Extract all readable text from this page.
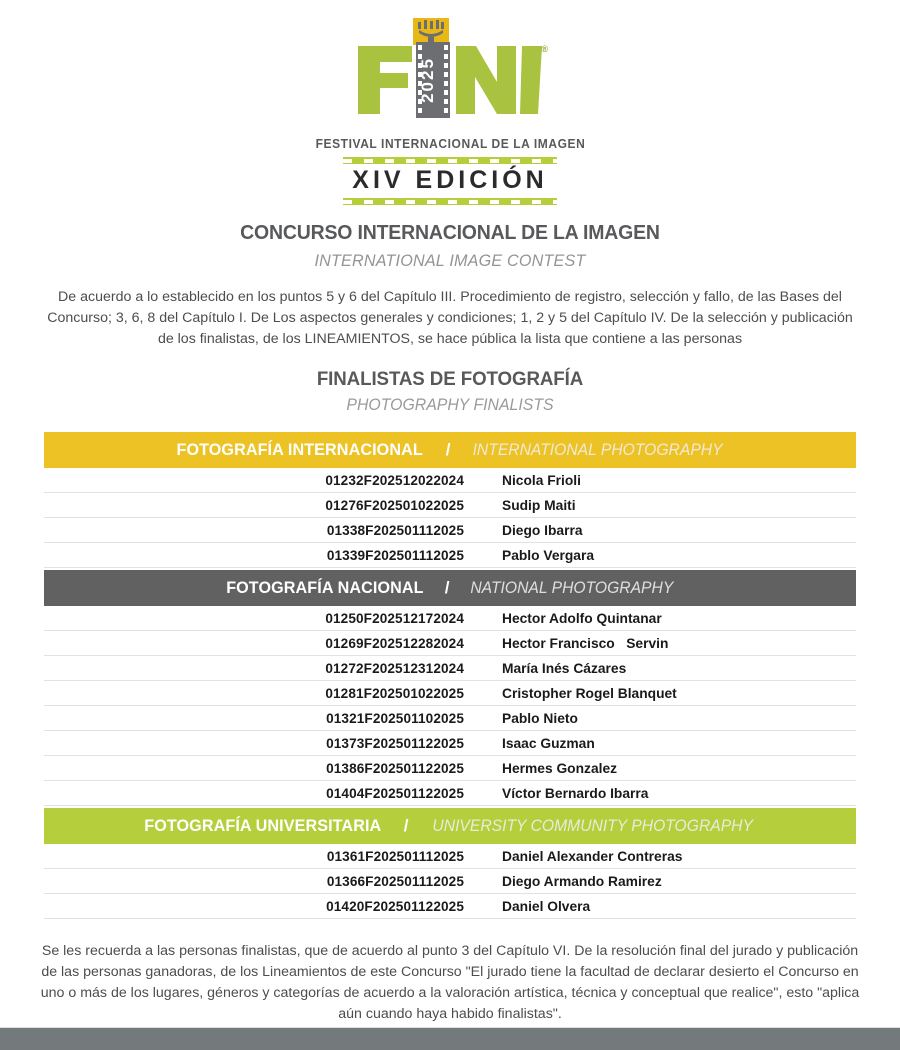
2025
®
FESTIVAL INTERNACIONAL DE LA IMAGEN
XIV EDICIÓN
CONCURSO INTERNACIONAL DE LA IMAGEN
INTERNATIONAL IMAGE CONTEST
De acuerdo a lo establecido en los puntos 5 y 6 del Capítulo III. Procedimiento de registro, selección y fallo, de las Bases del Concurso; 3, 6, 8 del Capítulo I. De Los aspectos generales y condiciones; 1, 2 y 5 del Capítulo IV. De la selección y publicación de los finalistas, de los LINEAMIENTOS, se hace pública la lista que contiene a las personas
FINALISTAS DE FOTOGRAFÍA
PHOTOGRAPHY FINALISTS
FOTOGRAFÍA INTERNACIONAL / INTERNATIONAL PHOTOGRAPHY
01232F202512022024	Nicola Frioli
01276F202501022025	Sudip Maiti
01338F202501112025	Diego Ibarra
01339F202501112025	Pablo Vergara
FOTOGRAFÍA NACIONAL / NATIONAL PHOTOGRAPHY
01250F202512172024	Hector Adolfo Quintanar
01269F202512282024	Hector Francisco   Servin
01272F202512312024	María Inés Cázares
01281F202501022025	Cristopher Rogel Blanquet
01321F202501102025	Pablo Nieto
01373F202501122025	Isaac Guzman
01386F202501122025	Hermes Gonzalez
01404F202501122025	Víctor Bernardo Ibarra
FOTOGRAFÍA UNIVERSITARIA / UNIVERSITY COMMUNITY PHOTOGRAPHY
01361F202501112025	Daniel Alexander Contreras
01366F202501112025	Diego Armando Ramirez
01420F202501122025	Daniel Olvera
Se les recuerda a las personas finalistas, que de acuerdo al punto 3 del Capítulo VI. De la resolución final del jurado y publicación de las personas ganadoras, de los Lineamientos de este Concurso "El jurado tiene la facultad de declarar desierto el Concurso en uno o más de los lugares, géneros y categorías de acuerdo a la valoración artística, técnica y conceptual que realice", esto "aplica aún cuando haya habido finalistas".
